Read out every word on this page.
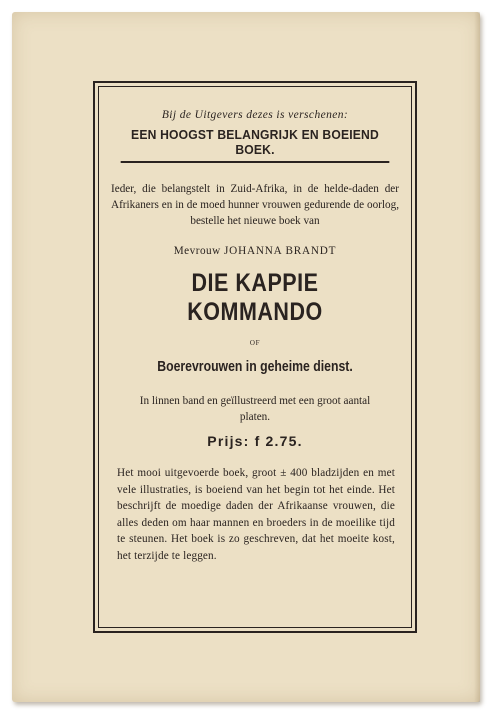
Bij de Uitgevers dezes is verschenen:

EEN HOOGST BELANGRIJK EN BOEIEND BOEK.

Ieder, die belangstelt in Zuid-Afrika, in de helde-daden der Afrikaners en in de moed hunner vrouwen gedurende de oorlog, bestelle het nieuwe boek van

Mevrouw JOHANNA BRANDT
DIE KAPPIE KOMMANDO
OF
Boerevrouwen in geheime dienst.

In linnen band en geïllustreerd met een groot aantal platen.

Prijs: f 2.75.

Het mooi uitgevoerde boek, groot ± 400 bladzijden en met vele illustraties, is boeiend van het begin tot het einde. Het beschrijft de moedige daden der Afrikaanse vrouwen, die alles deden om haar mannen en broeders in de moeilike tijd te steunen. Het boek is zo geschreven, dat het moeite kost, het terzijde te leggen.
